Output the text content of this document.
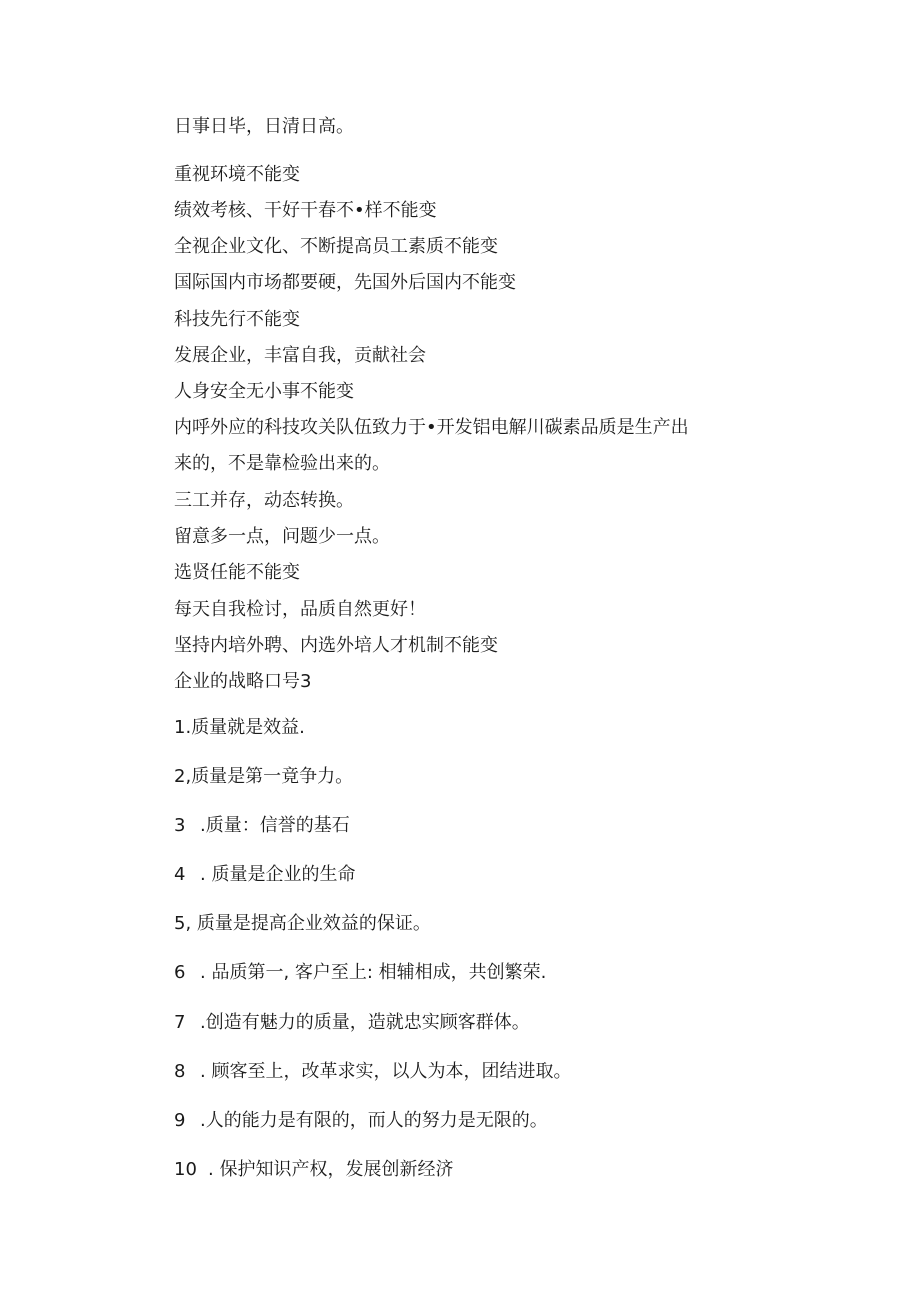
日事日毕，日清日高。
重视环境不能变
绩效考核、干好干春不•样不能变
全视企业文化、不断提高员工素质不能变
国际国内市场都要硬，先国外后国内不能变
科技先行不能变
发展企业，丰富自我，贡献社会
人身安全无小事不能变
内呼外应的科技攻关队伍致力于•开发铝电解川碳素品质是生产出
来的，不是靠检验出来的。
三工并存，动态转换。
留意多一点，问题少一点。
选贤任能不能变
每天自我检讨，品质自然更好！
坚持内培外聘、内选外培人才机制不能变
企业的战略口号3
1.质量就是效益.
2,质量是第一竟争力。
3 .质量：信誉的基石
4 . 质量是企业的生命
5, 质量是提高企业效益的保证。
6 . 品质第一, 客户至上: 相辅相成，共创繁荣.
7 .创造有魅力的质量，造就忠实顾客群体。
8 . 顾客至上，改革求实，以人为本，团结进取。
9 .人的能力是有限的，而人的努力是无限的。
10 . 保护知识产权，发展创新经济
